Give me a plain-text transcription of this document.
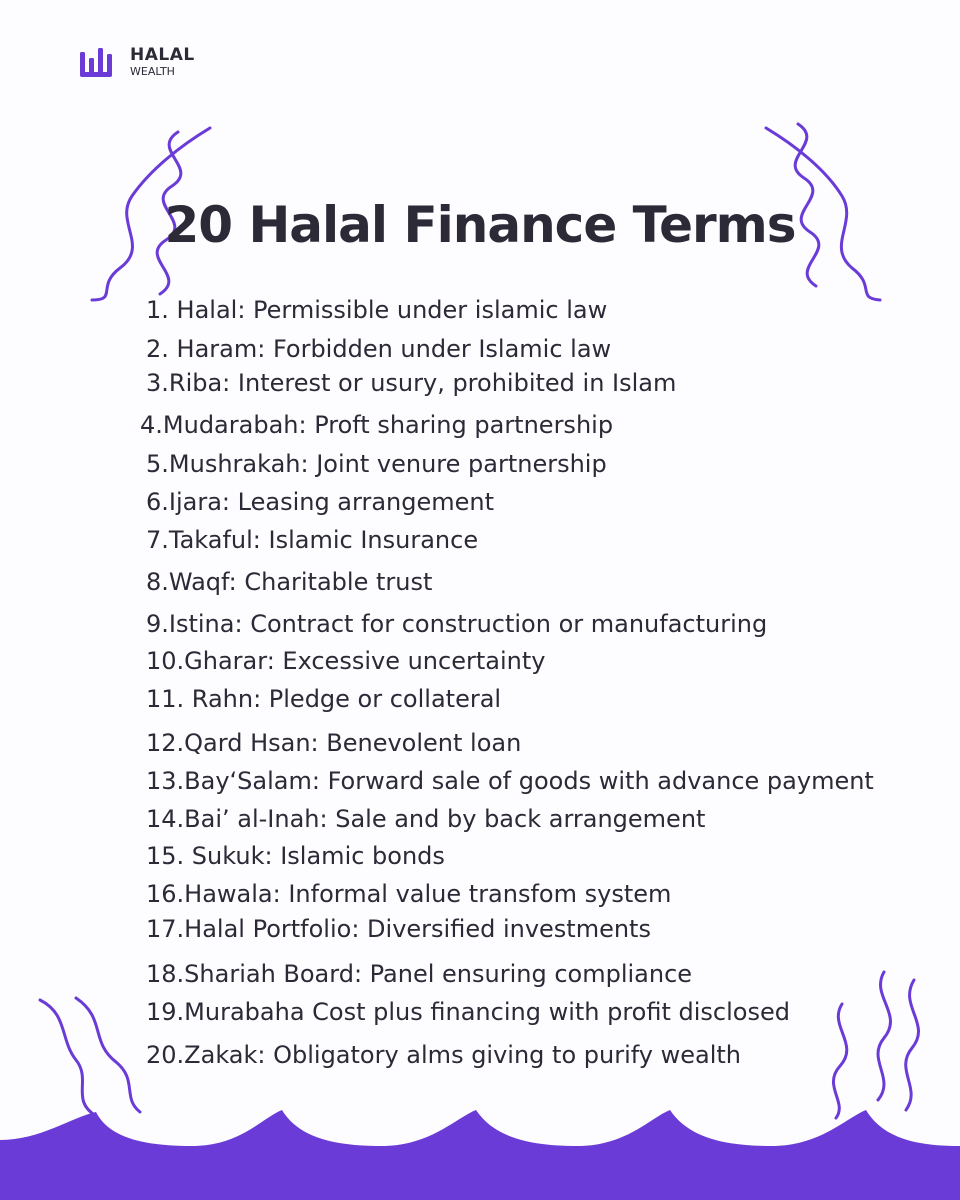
HALAL
WEALTH
20 Halal Finance Terms
1. Halal: Permissible under islamic law
2. Haram: Forbidden under Islamic law
3.Riba: Interest or usury, prohibited in Islam
4.Mudarabah: Proft sharing partnership
5.Mushrakah: Joint venure partnership
6.Ijara: Leasing arrangement
7.Takaful: Islamic Insurance
8.Waqf: Charitable trust
9.Istina: Contract for construction or manufacturing
10.Gharar: Excessive uncertainty
11. Rahn: Pledge or collateral
12.Qard Hsan: Benevolent loan
13.Bay‘Salam: Forward sale of goods with advance payment
14.Bai’ al-Inah: Sale and by back arrangement
15. Sukuk: Islamic bonds
16.Hawala: Informal value transfom system
17.Halal Portfolio: Diversified investments
18.Shariah Board: Panel ensuring compliance
19.Murabaha Cost plus financing with profit disclosed
20.Zakak: Obligatory alms giving to purify wealth
